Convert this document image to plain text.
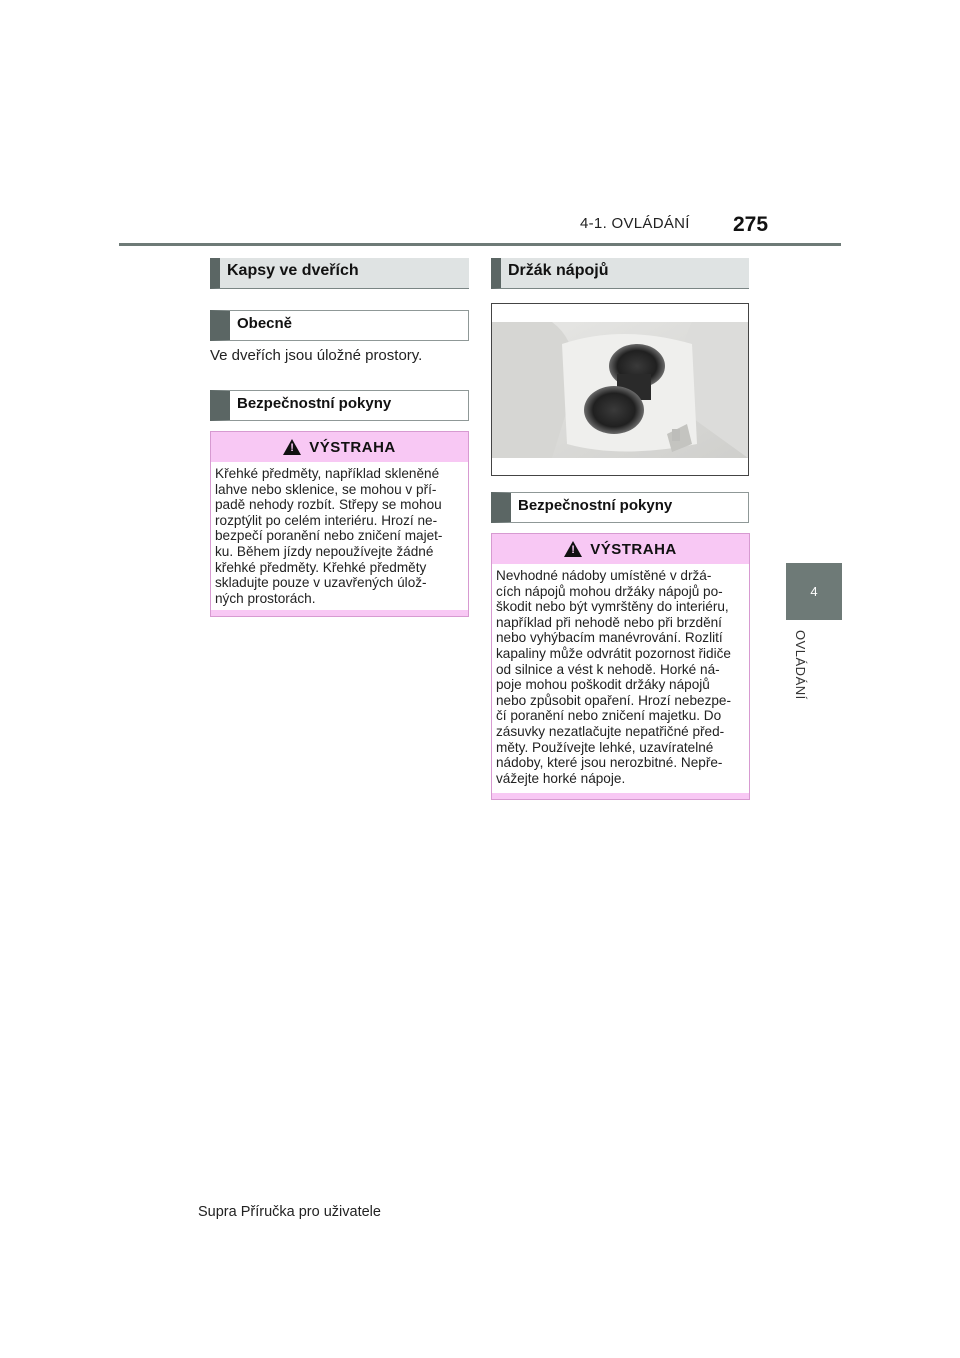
4-1. OVLÁDÁNÍ 275
4
OVLÁDÁNÍ
Kapsy ve dveřích
Obecně
Ve dveřích jsou úložné prostory.
Bezpečnostní pokyny
!
VÝSTRAHA
Křehké předměty, například skleněné
lahve nebo sklenice, se mohou v pří-
padě nehody rozbít. Střepy se mohou
rozptýlit po celém interiéru. Hrozí ne-
bezpečí poranění nebo zničení majet-
ku. Během jízdy nepoužívejte žádné
křehké předměty. Křehké předměty
skladujte pouze v uzavřených úlož-
ných prostorách.
Držák nápojů
Bezpečnostní pokyny
!
VÝSTRAHA
Nevhodné nádoby umístěné v držá-
cích nápojů mohou držáky nápojů po-
škodit nebo být vymrštěny do interiéru,
například při nehodě nebo při brzdění
nebo vyhýbacím manévrování. Rozlití
kapaliny může odvrátit pozornost řidiče
od silnice a vést k nehodě. Horké ná-
poje mohou poškodit držáky nápojů
nebo způsobit opaření. Hrozí nebezpe-
čí poranění nebo zničení majetku. Do
zásuvky nezatlačujte nepatřičné před-
měty. Používejte lehké, uzavíratelné
nádoby, které jsou nerozbitné. Nepře-
vážejte horké nápoje.
Supra Příručka pro uživatele
